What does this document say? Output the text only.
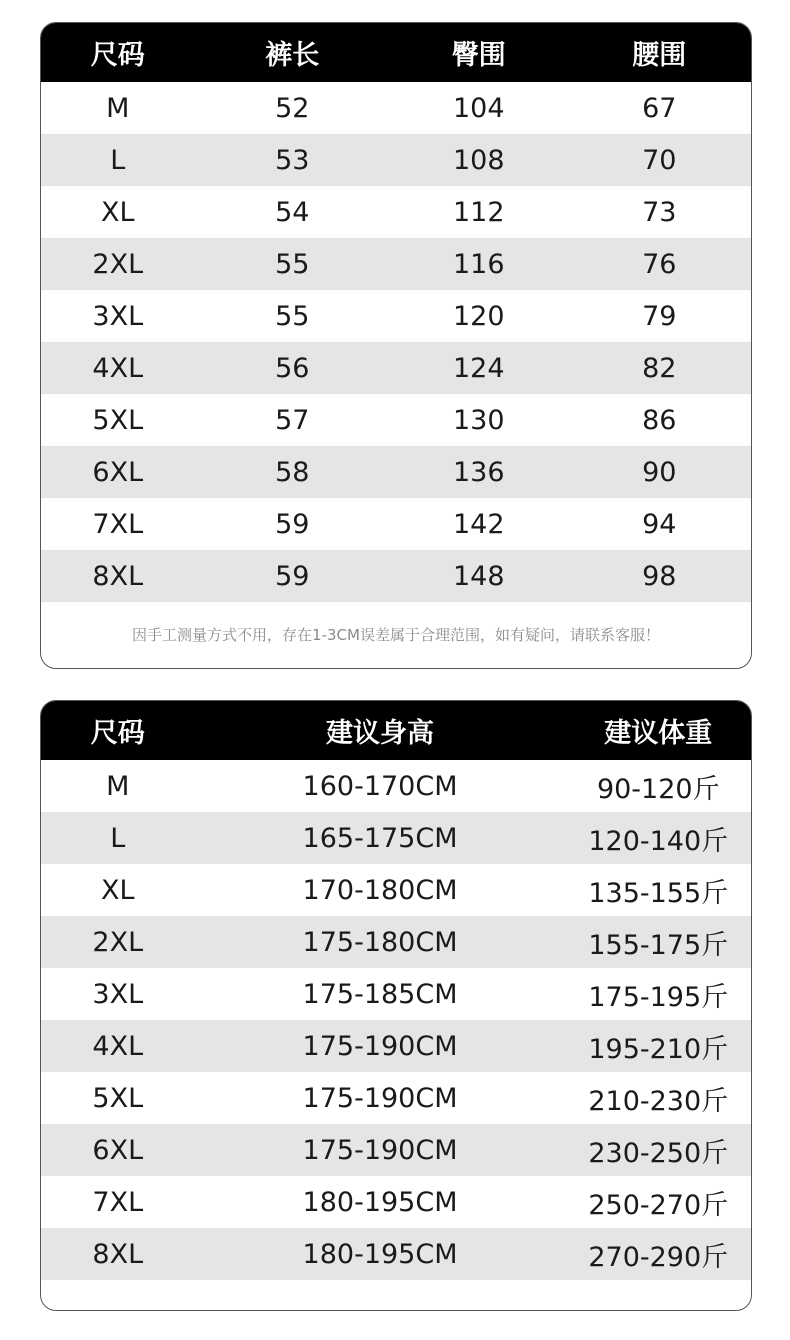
尺码	裤长	臀围	腰围
M	52	104	67
L	53	108	70
XL	54	112	73
2XL	55	116	76
3XL	55	120	79
4XL	56	124	82
5XL	57	130	86
6XL	58	136	90
7XL	59	142	94
8XL	59	148	98
因手工测量方式不用，存在1-3CM误差属于合理范围，如有疑问，请联系客服！
尺码	建议身高	建议体重
M	160-170CM	90-120斤
L	165-175CM	120-140斤
XL	170-180CM	135-155斤
2XL	175-180CM	155-175斤
3XL	175-185CM	175-195斤
4XL	175-190CM	195-210斤
5XL	175-190CM	210-230斤
6XL	175-190CM	230-250斤
7XL	180-195CM	250-270斤
8XL	180-195CM	270-290斤
